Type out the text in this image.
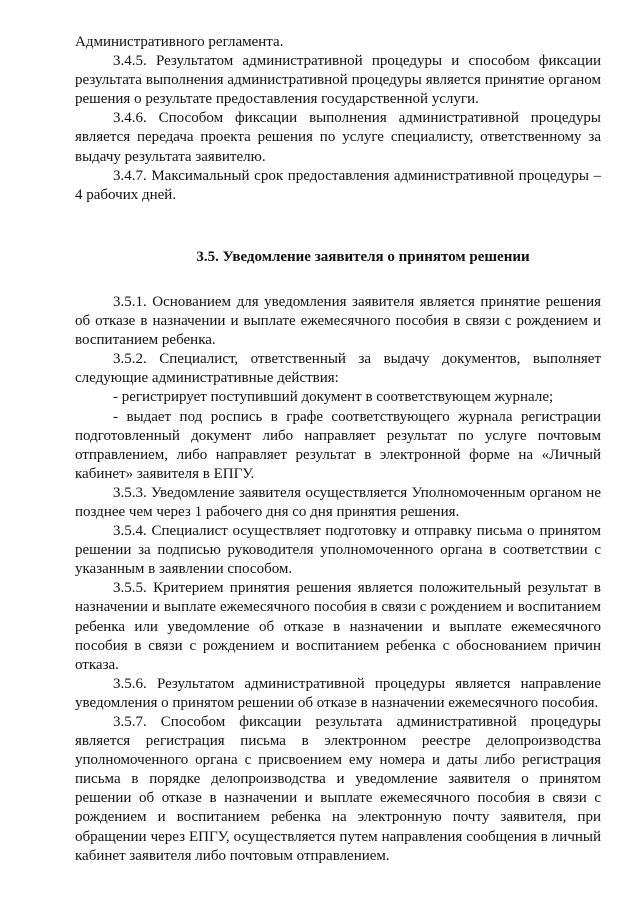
Административного регламента.

3.4.5. Результатом административной процедуры и способом фиксации результата выполнения административной процедуры является принятие органом решения о результате предоставления государственной услуги.

3.4.6. Способом фиксации выполнения административной процедуры является передача проекта решения по услуге специалисту, ответственному за выдачу результата заявителю.

3.4.7. Максимальный срок предоставления административной процедуры – 4 рабочих дней.

3.5. Уведомление заявителя о принятом решении

3.5.1. Основанием для уведомления заявителя является принятие решения об отказе в назначении и выплате ежемесячного пособия в связи с рождением и воспитанием ребенка.

3.5.2. Специалист, ответственный за выдачу документов, выполняет следующие административные действия:

- регистрирует поступивший документ в соответствующем журнале;

- выдает под роспись в графе соответствующего журнала регистрации подготовленный документ либо направляет результат по услуге почтовым отправлением, либо направляет результат в электронной форме на «Личный кабинет» заявителя в ЕПГУ.

3.5.3. Уведомление заявителя осуществляется Уполномоченным органом не позднее чем через 1 рабочего дня со дня принятия решения.

3.5.4. Специалист осуществляет подготовку и отправку письма о принятом решении за подписью руководителя уполномоченного органа в соответствии с указанным в заявлении способом.

3.5.5. Критерием принятия решения является положительный результат в назначении и выплате ежемесячного пособия в связи с рождением и воспитанием ребенка или уведомление об отказе в назначении и выплате ежемесячного пособия в связи с рождением и воспитанием ребенка с обоснованием причин отказа.

3.5.6. Результатом административной процедуры является направление уведомления о принятом решении об отказе в назначении ежемесячного пособия.

3.5.7. Способом фиксации результата административной процедуры является регистрация письма в электронном реестре делопроизводства уполномоченного органа с присвоением ему номера и даты либо регистрация письма в порядке делопроизводства и уведомление заявителя о принятом решении об отказе в назначении и выплате ежемесячного пособия в связи с рождением и воспитанием ребенка на электронную почту заявителя, при обращении через ЕПГУ, осуществляется путем направления сообщения в личный кабинет заявителя либо почтовым отправлением.
